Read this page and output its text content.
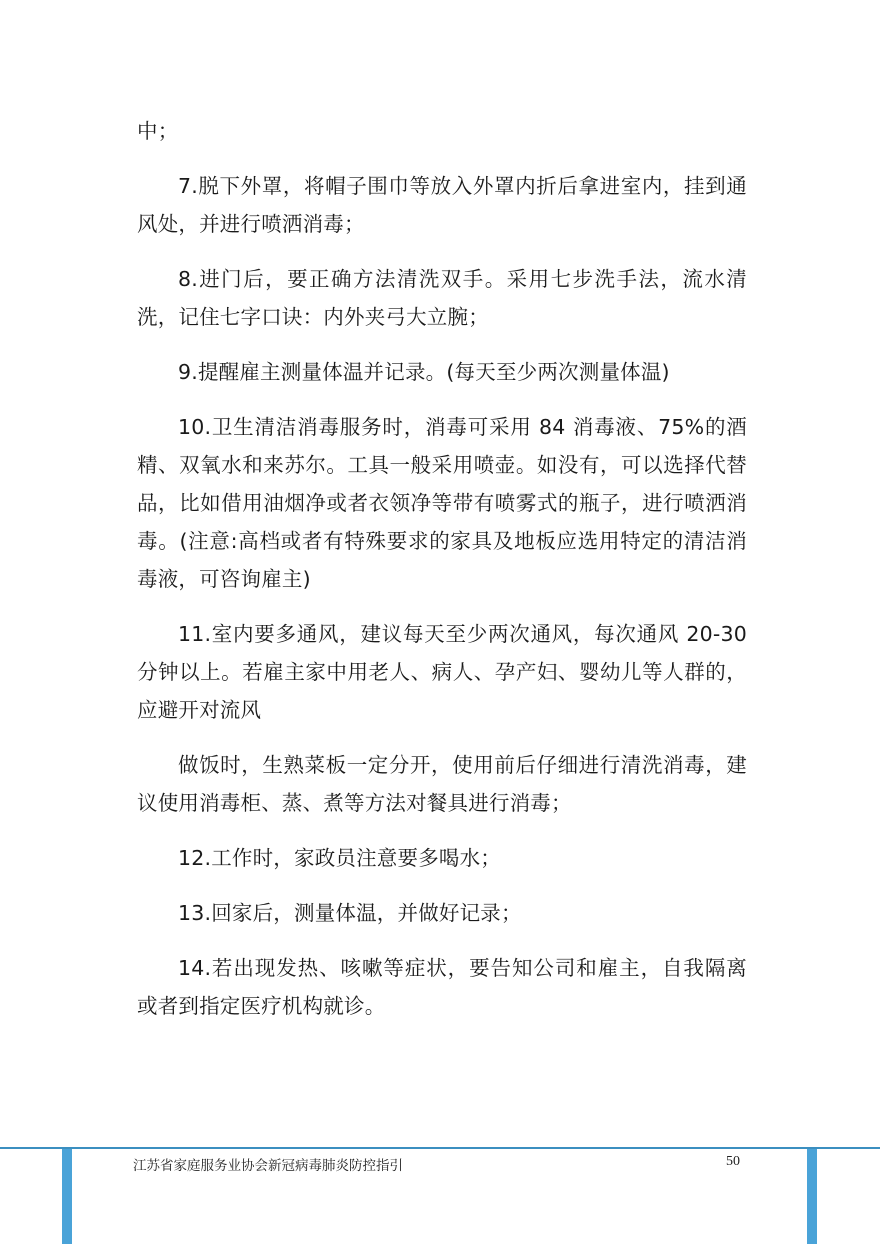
中；

7.脱下外罩，将帽子围巾等放入外罩内折后拿进室内，挂到通风处，并进行喷洒消毒；

8.进门后，要正确方法清洗双手。采用七步洗手法，流水清洗，记住七字口诀：内外夹弓大立腕；

9.提醒雇主测量体温并记录。(每天至少两次测量体温)

10.卫生清洁消毒服务时，消毒可采用 84 消毒液、75%的酒精、双氧水和来苏尔。工具一般采用喷壶。如没有，可以选择代替品，比如借用油烟净或者衣领净等带有喷雾式的瓶子，进行喷洒消毒。(注意:高档或者有特殊要求的家具及地板应选用特定的清洁消毒液，可咨询雇主)

11.室内要多通风，建议每天至少两次通风，每次通风 20-30 分钟以上。若雇主家中用老人、病人、孕产妇、婴幼儿等人群的，应避开对流风

做饭时，生熟菜板一定分开，使用前后仔细进行清洗消毒，建议使用消毒柜、蒸、煮等方法对餐具进行消毒；

12.工作时，家政员注意要多喝水；

13.回家后，测量体温，并做好记录；

14.若出现发热、咳嗽等症状，要告知公司和雇主，自我隔离或者到指定医疗机构就诊。

江苏省家庭服务业协会新冠病毒肺炎防控指引	50
